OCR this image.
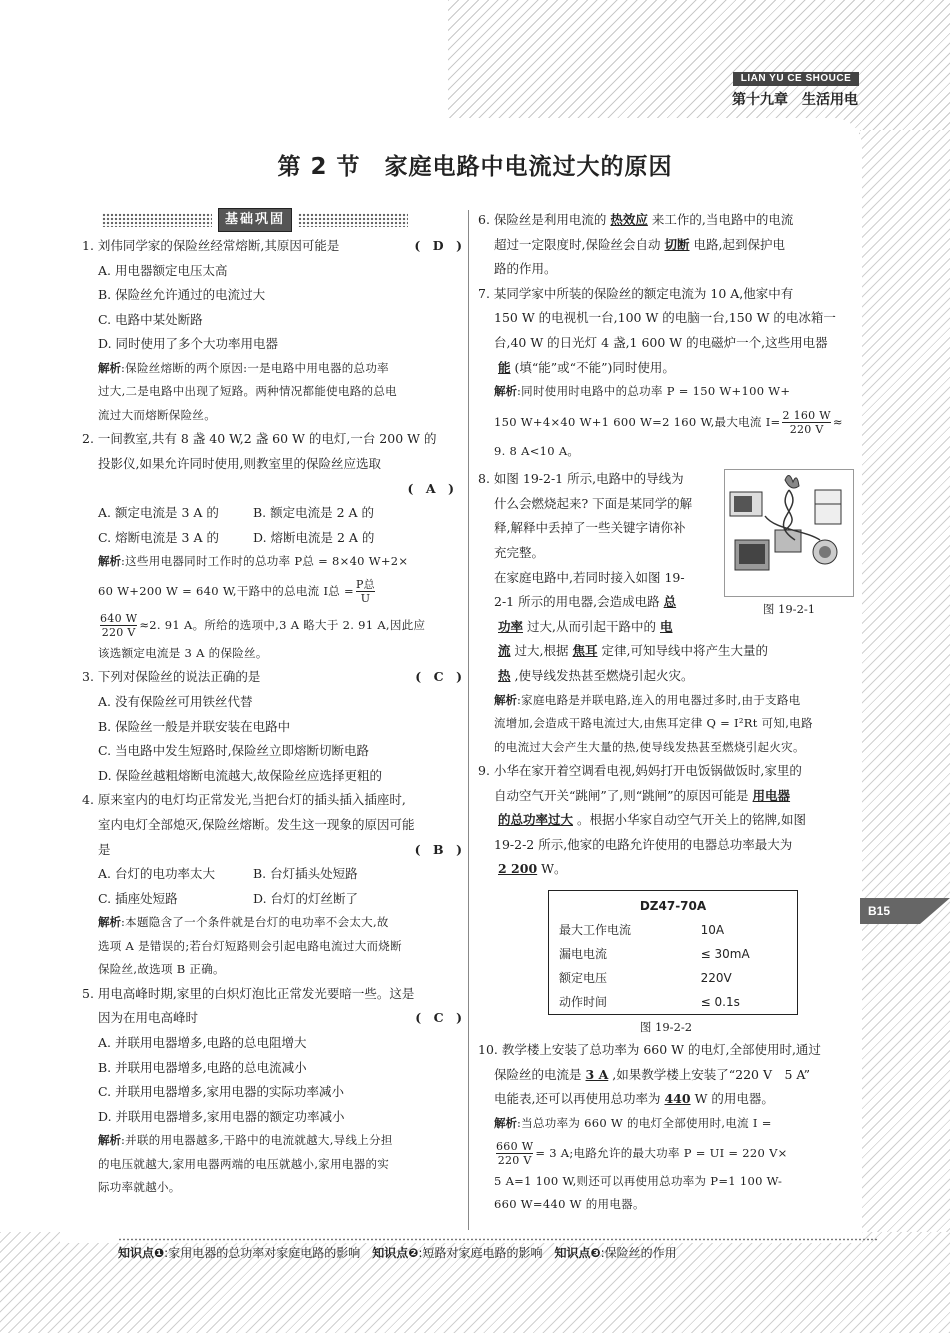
LIAN YU CE SHOUCE
第十九章　生活用电
第 2 节　家庭电路中电流过大的原因
B15
基础巩固
1. 刘伟同学家的保险丝经常熔断,其原因可能是	(　D　)
A. 用电器额定电压太高
B. 保险丝允许通过的电流过大
C. 电路中某处断路
D. 同时使用了多个大功率用电器
解析:保险丝熔断的两个原因:一是电路中用电器的总功率
过大,二是电路中出现了短路。两种情况都能使电路的总电
流过大而熔断保险丝。
2. 一间教室,共有 8 盏 40 W,2 盏 60 W 的电灯,一台 200 W 的
投影仪,如果允许同时使用,则教室里的保险丝应选取
(　A　)
A. 额定电流是 3 A 的	B. 额定电流是 2 A 的
C. 熔断电流是 3 A 的	D. 熔断电流是 2 A 的
解析:这些用电器同时工作时的总功率 P总 = 8×40 W+2×
60 W+200 W = 640 W,干路中的总电流 I总 = $\frac{\text{P总}}{U}$
$\frac{640 W}{220 V} \approx 2$. 91 A。所给的选项中,3 A 略大于 2. 91 A,因此应
该选额定电流是 3 A 的保险丝。
3. 下列对保险丝的说法正确的是	(　C　)
A. 没有保险丝可用铁丝代替
B. 保险丝一般是并联安装在电路中
C. 当电路中发生短路时,保险丝立即熔断切断电路
D. 保险丝越粗熔断电流越大,故保险丝应选择更粗的
4. 原来室内的电灯均正常发光,当把台灯的插头插入插座时,
室内电灯全部熄灭,保险丝熔断。发生这一现象的原因可能
是	(　B　)
A. 台灯的电功率太大	B. 台灯插头处短路
C. 插座处短路	D. 台灯的灯丝断了
解析:本题隐含了一个条件就是台灯的电功率不会太大,故
选项 A 是错误的;若台灯短路则会引起电路电流过大而烧断
保险丝,故选项 B 正确。
5. 用电高峰时期,家里的白炽灯泡比正常发光要暗一些。这是
因为在用电高峰时	(　C　)
A. 并联用电器增多,电路的总电阻增大
B. 并联用电器增多,电路的总电流减小
C. 并联用电器增多,家用电器的实际功率减小
D. 并联用电器增多,家用电器的额定功率减小
解析:并联的用电器越多,干路中的电流就越大,导线上分担
的电压就越大,家用电器两端的电压就越小,家用电器的实
际功率就越小。
6. 保险丝是利用电流的 热效应 来工作的,当电路中的电流
超过一定限度时,保险丝会自动 切断 电路,起到保护电
路的作用。
7. 某同学家中所装的保险丝的额定电流为 10 A,他家中有
150 W 的电视机一台,100 W 的电脑一台,150 W 的电冰箱一
台,40 W 的日光灯 4 盏,1 600 W 的电磁炉一个,这些用电器
能 (填“能”或“不能”)同时使用。
解析:同时使用时电路中的总功率 P = 150 W+100 W+
150 W+4×40 W+1 600 W=2 160 W,最大电流 $I= \frac{2 160 W}{220 V}$ ≈
9. 8 A<10 A。
8. 如图 19-2-1 所示,电路中的导线为
什么会燃烧起来? 下面是某同学的解
释,解释中丢掉了一些关键字请你补
充完整。
在家庭电路中,若同时接入如图 19-
图 19-2-1
2-1 所示的用电器,会造成电路 总
功率 过大,从而引起干路中的 电
流 过大,根据 焦耳 定律,可知导线中将产生大量的
热 ,使导线发热甚至燃烧引起火灾。
解析:家庭电路是并联电路,连入的用电器过多时,由于支路电
流增加,会造成干路电流过大,由焦耳定律 Q = I²Rt 可知,电路
的电流过大会产生大量的热,使导线发热甚至燃烧引起火灾。
9. 小华在家开着空调看电视,妈妈打开电饭锅做饭时,家里的
自动空气开关“跳闸”了,则“跳闸”的原因可能是 用电器
的总功率过大 。根据小华家自动空气开关上的铭牌,如图
19-2-2 所示,他家的电路允许使用的电器总功率最大为
2 200 W。
DZ47-70A	
最大工作电流	10A
漏电电流	≤ 30mA
额定电压	220V
动作时间	≤ 0.1s
图 19-2-2
10. 教学楼上安装了总功率为 660 W 的电灯,全部使用时,通过
保险丝的电流是 3 A ,如果教学楼上安装了“220 V　5 A”
电能表,还可以再使用总功率为 440 W 的用电器。
解析:当总功率为 660 W 的电灯全部使用时,电流 I =
$\frac{660 W}{220 V} = 3$ A;电路允许的最大功率 P = UI = 220 V×
5 A=1 100 W,则还可以再使用总功率为 P=1 100 W-
660 W=440 W 的用电器。
知识点❶:家用电器的总功率对家庭电路的影响　 知识点❷:短路对家庭电路的影响　 知识点❸:保险丝的作用
